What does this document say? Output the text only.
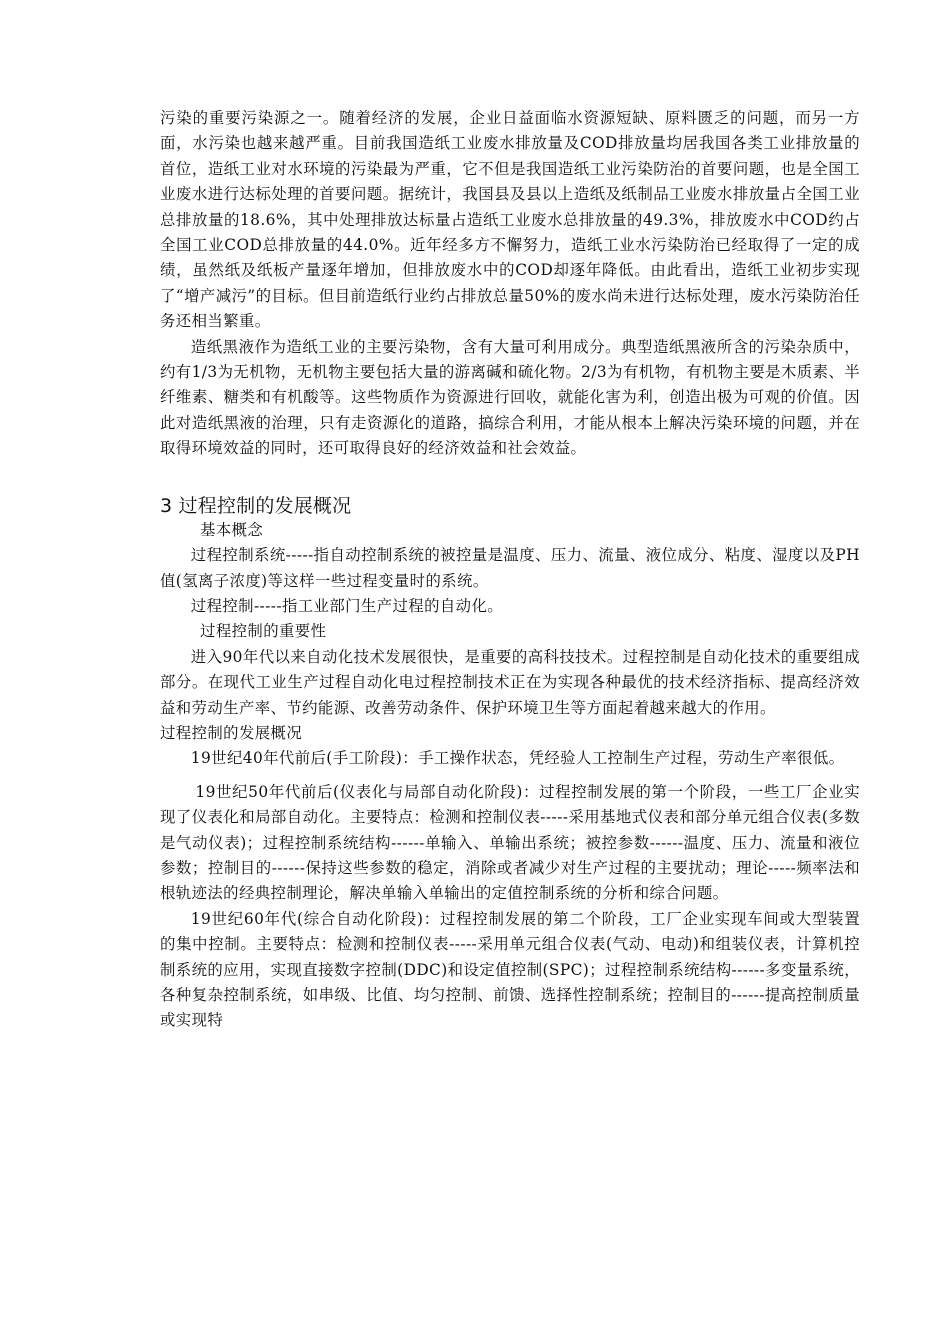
污染的重要污染源之一。随着经济的发展，企业日益面临水资源短缺、原料匮乏的问题，而另一方面，水污染也越来越严重。目前我国造纸工业废水排放量及COD排放量均居我国各类工业排放量的首位，造纸工业对水环境的污染最为严重，它不但是我国造纸工业污染防治的首要问题，也是全国工业废水进行达标处理的首要问题。据统计，我国县及县以上造纸及纸制品工业废水排放量占全国工业总排放量的18.6%，其中处理排放达标量占造纸工业废水总排放量的49.3%，排放废水中COD约占全国工业COD总排放量的44.0%。近年经多方不懈努力，造纸工业水污染防治已经取得了一定的成绩，虽然纸及纸板产量逐年增加，但排放废水中的COD却逐年降低。由此看出，造纸工业初步实现了“增产减污”的目标。但目前造纸行业约占排放总量50%的废水尚未进行达标处理，废水污染防治任务还相当繁重。

造纸黑液作为造纸工业的主要污染物，含有大量可利用成分。典型造纸黑液所含的污染杂质中，约有1/3为无机物，无机物主要包括大量的游离碱和硫化物。2/3为有机物，有机物主要是木质素、半纤维素、糖类和有机酸等。这些物质作为资源进行回收，就能化害为利，创造出极为可观的价值。因此对造纸黑液的治理，只有走资源化的道路，搞综合利用，才能从根本上解决污染环境的问题，并在取得环境效益的同时，还可取得良好的经济效益和社会效益。

3 过程控制的发展概况

基本概念

过程控制系统-----指自动控制系统的被控量是温度、压力、流量、液位成分、粘度、湿度以及PH值(氢离子浓度)等这样一些过程变量时的系统。

过程控制-----指工业部门生产过程的自动化。

过程控制的重要性

进入90年代以来自动化技术发展很快，是重要的高科技技术。过程控制是自动化技术的重要组成部分。在现代工业生产过程自动化电过程控制技术正在为实现各种最优的技术经济指标、提高经济效益和劳动生产率、节约能源、改善劳动条件、保护环境卫生等方面起着越来越大的作用。

过程控制的发展概况

19世纪40年代前后(手工阶段)：手工操作状态，凭经验人工控制生产过程，劳动生产率很低。

19世纪50年代前后(仪表化与局部自动化阶段)：过程控制发展的第一个阶段，一些工厂企业实现了仪表化和局部自动化。主要特点：检测和控制仪表-----采用基地式仪表和部分单元组合仪表(多数是气动仪表)；过程控制系统结构------单输入、单输出系统；被控参数------温度、压力、流量和液位参数；控制目的------保持这些参数的稳定，消除或者减少对生产过程的主要扰动；理论-----频率法和根轨迹法的经典控制理论，解决单输入单输出的定值控制系统的分析和综合问题。

19世纪60年代(综合自动化阶段)：过程控制发展的第二个阶段，工厂企业实现车间或大型装置的集中控制。主要特点：检测和控制仪表-----采用单元组合仪表(气动、电动)和组装仪表，计算机控制系统的应用，实现直接数字控制(DDC)和设定值控制(SPC)；过程控制系统结构------多变量系统，各种复杂控制系统，如串级、比值、均匀控制、前馈、选择性控制系统；控制目的------提高控制质量或实现特
